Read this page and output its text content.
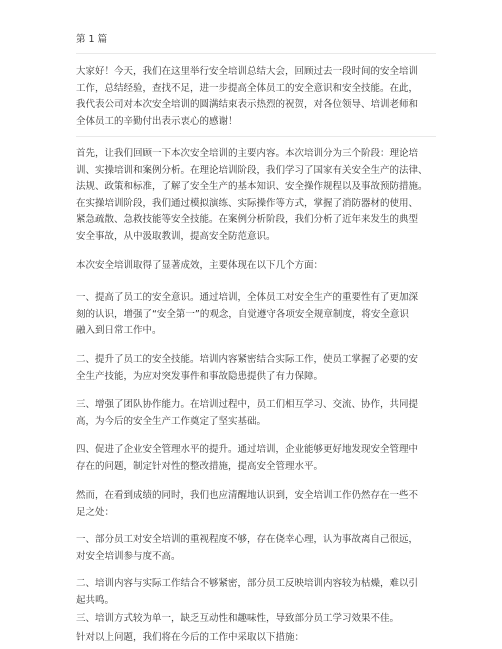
第 1 篇
大家好！今天，我们在这里举行安全培训总结大会，回顾过去一段时间的安全培训
工作，总结经验，查找不足，进一步提高全体员工的安全意识和安全技能。在此，
我代表公司对本次安全培训的圆满结束表示热烈的祝贺，对各位领导、培训老师和
全体员工的辛勤付出表示衷心的感谢！
首先，让我们回顾一下本次安全培训的主要内容。本次培训分为三个阶段：理论培
训、实操培训和案例分析。在理论培训阶段，我们学习了国家有关安全生产的法律、
法规、政策和标准，了解了安全生产的基本知识、安全操作规程以及事故预防措施。
在实操培训阶段，我们通过模拟演练、实际操作等方式，掌握了消防器材的使用、
紧急疏散、急救技能等安全技能。在案例分析阶段，我们分析了近年来发生的典型
安全事故，从中汲取教训，提高安全防范意识。
本次安全培训取得了显著成效，主要体现在以下几个方面：
一、提高了员工的安全意识。通过培训，全体员工对安全生产的重要性有了更加深
刻的认识，增强了“安全第一”的观念，自觉遵守各项安全规章制度，将安全意识
融入到日常工作中。
二、提升了员工的安全技能。培训内容紧密结合实际工作，使员工掌握了必要的安
全生产技能，为应对突发事件和事故隐患提供了有力保障。
三、增强了团队协作能力。在培训过程中，员工们相互学习、交流、协作，共同提
高，为今后的安全生产工作奠定了坚实基础。
四、促进了企业安全管理水平的提升。通过培训，企业能够更好地发现安全管理中
存在的问题，制定针对性的整改措施，提高安全管理水平。
然而，在看到成绩的同时，我们也应清醒地认识到，安全培训工作仍然存在一些不
足之处：
一、部分员工对安全培训的重视程度不够，存在侥幸心理，认为事故离自己很远，
对安全培训参与度不高。
二、培训内容与实际工作结合不够紧密，部分员工反映培训内容较为枯燥，难以引
起共鸣。
三、培训方式较为单一，缺乏互动性和趣味性，导致部分员工学习效果不佳。
针对以上问题，我们将在今后的工作中采取以下措施：
